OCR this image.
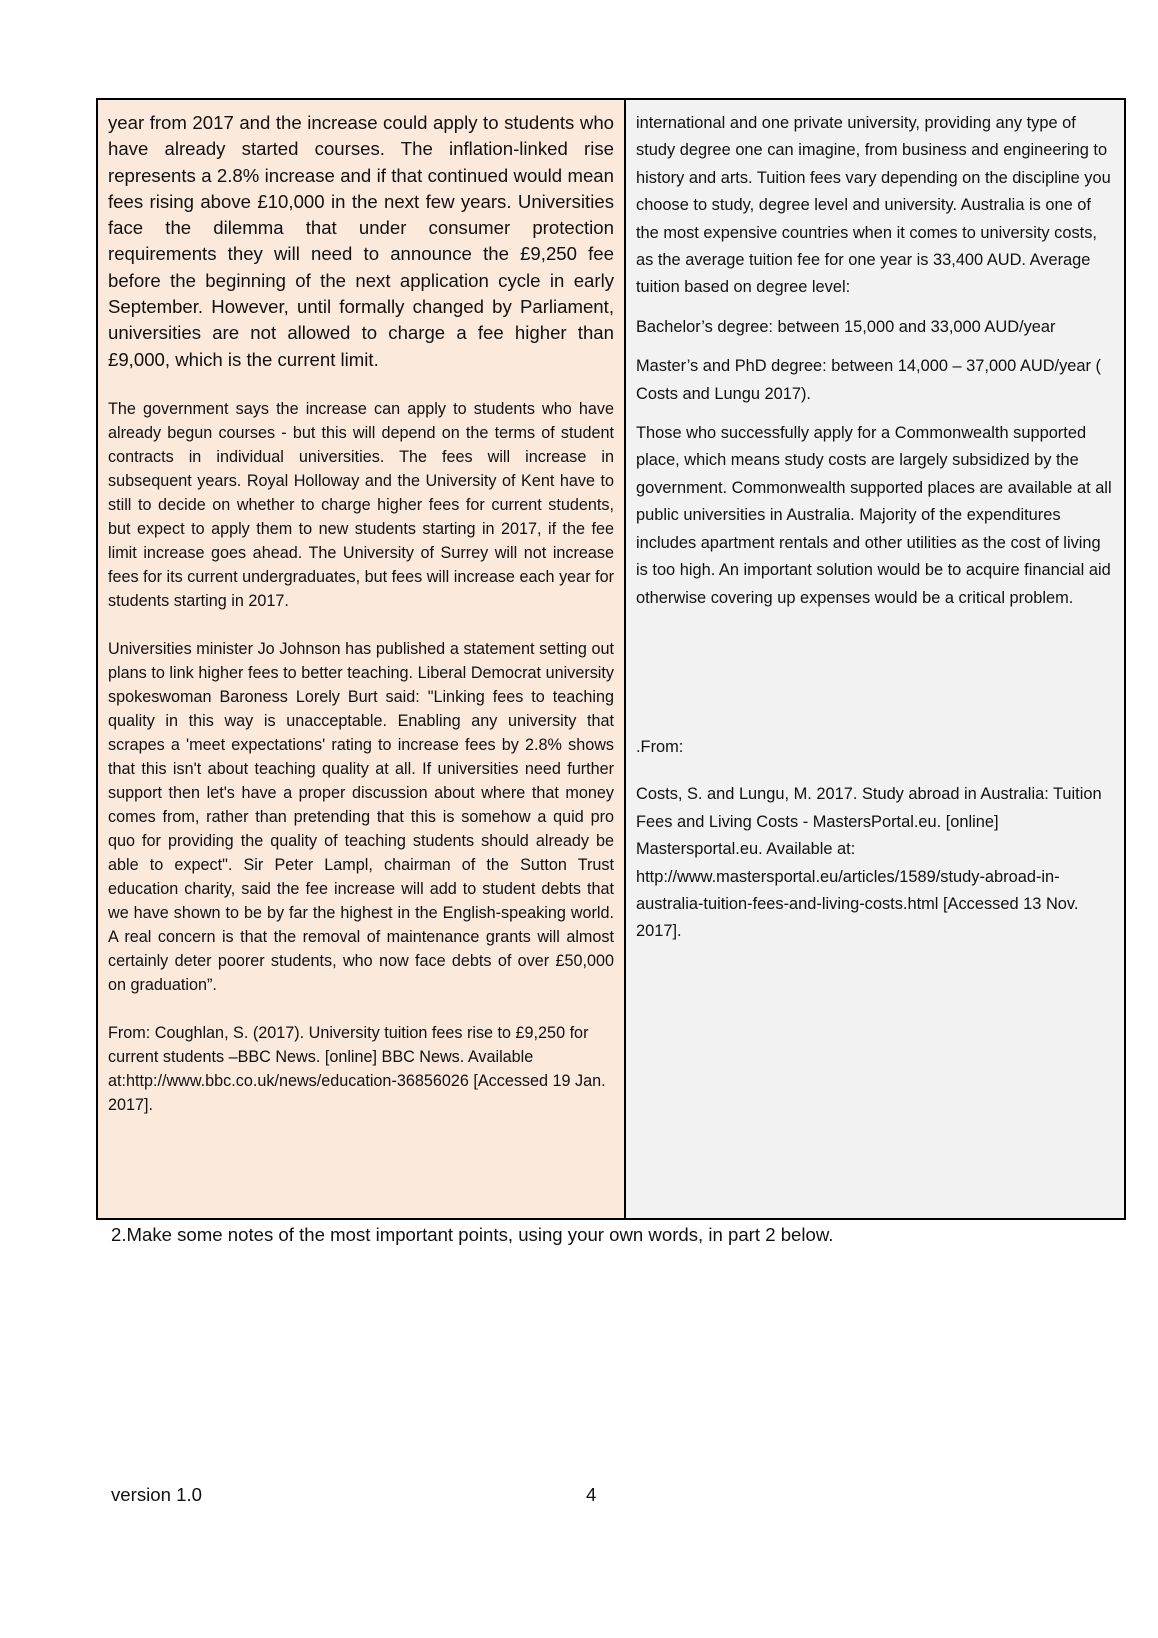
year from 2017 and the increase could apply to students who have already started courses. The inflation-linked rise represents a 2.8% increase and if that continued would mean fees rising above £10,000 in the next few years. Universities face the dilemma that under consumer protection requirements they will need to announce the £9,250 fee before the beginning of the next application cycle in early September. However, until formally changed by Parliament, universities are not allowed to charge a fee higher than £9,000, which is the current limit.

The government says the increase can apply to students who have already begun courses - but this will depend on the terms of student contracts in individual universities. The fees will increase in subsequent years. Royal Holloway and the University of Kent have to still to decide on whether to charge higher fees for current students, but expect to apply them to new students starting in 2017, if the fee limit increase goes ahead. The University of Surrey will not increase fees for its current undergraduates, but fees will increase each year for students starting in 2017.

Universities minister Jo Johnson has published a statement setting out plans to link higher fees to better teaching. Liberal Democrat university spokeswoman Baroness Lorely Burt said: "Linking fees to teaching quality in this way is unacceptable. Enabling any university that scrapes a 'meet expectations' rating to increase fees by 2.8% shows that this isn't about teaching quality at all. If universities need further support then let's have a proper discussion about where that money comes from, rather than pretending that this is somehow a quid pro quo for providing the quality of teaching students should already be able to expect". Sir Peter Lampl, chairman of the Sutton Trust education charity, said the fee increase will add to student debts that we have shown to be by far the highest in the English-speaking world. A real concern is that the removal of maintenance grants will almost certainly deter poorer students, who now face debts of over £50,000 on graduation”.

From: Coughlan, S. (2017). University tuition fees rise to £9,250 for current students –BBC News. [online] BBC News. Available at:http://www.bbc.co.uk/news/education-36856026 [Accessed 19 Jan. 2017].

international and one private university, providing any type of study degree one can imagine, from business and engineering to history and arts. Tuition fees vary depending on the discipline you choose to study, degree level and university. Australia is one of the most expensive countries when it comes to university costs, as the average tuition fee for one year is 33,400 AUD. Average tuition based on degree level:

Bachelor’s degree: between 15,000 and 33,000 AUD/year

Master’s and PhD degree: between 14,000 – 37,000 AUD/year ( Costs and Lungu 2017).

Those who successfully apply for a Commonwealth supported place, which means study costs are largely subsidized by the government. Commonwealth supported places are available at all public universities in Australia. Majority of the expenditures includes apartment rentals and other utilities as the cost of living is too high. An important solution would be to acquire financial aid otherwise covering up expenses would be a critical problem.

.From:

Costs, S. and Lungu, M. 2017. Study abroad in Australia: Tuition Fees and Living Costs - MastersPortal.eu. [online] Mastersportal.eu. Available at: http://www.mastersportal.eu/articles/1589/study-abroad-in-australia-tuition-fees-and-living-costs.html [Accessed 13 Nov. 2017].

2.Make some notes of the most important points, using your own words, in part 2 below.

version 1.0	4
